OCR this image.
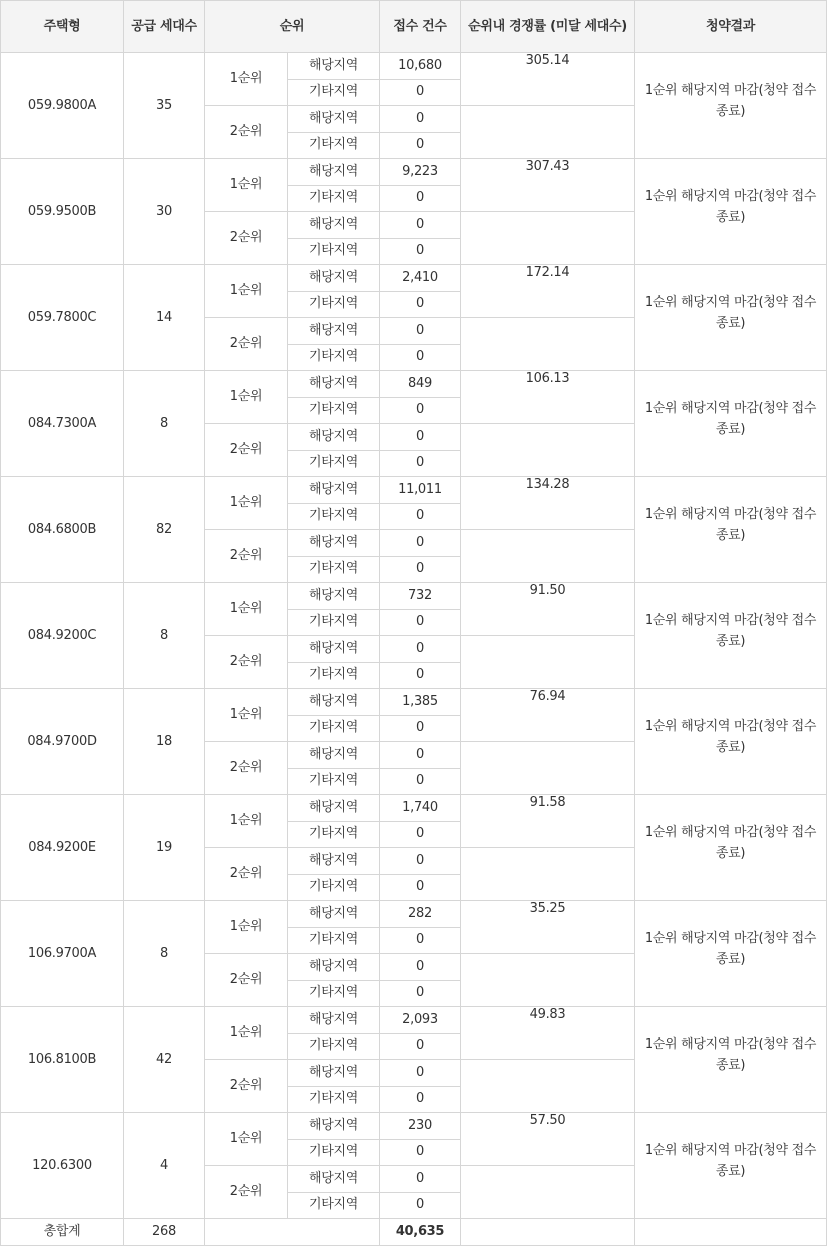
주택형	공급 세대수	순위		접수 건수	순위내 경쟁률 (미달 세대수)	청약결과
059.9800A	35	1순위	해당지역	10,680	305.14	1순위 해당지역 마감(청약 접수 종료)

			기타지역	0		
		2순위	해당지역	0		
			기타지역	0		
059.9500B	30	1순위	해당지역	9,223	307.43	1순위 해당지역 마감(청약 접수 종료)

			기타지역	0		
		2순위	해당지역	0		
			기타지역	0		
059.7800C	14	1순위	해당지역	2,410	172.14	1순위 해당지역 마감(청약 접수 종료)

			기타지역	0		
		2순위	해당지역	0		
			기타지역	0		
084.7300A	8	1순위	해당지역	849	106.13	1순위 해당지역 마감(청약 접수 종료)

			기타지역	0		
		2순위	해당지역	0		
			기타지역	0		
084.6800B	82	1순위	해당지역	11,011	134.28	1순위 해당지역 마감(청약 접수 종료)

			기타지역	0		
		2순위	해당지역	0		
			기타지역	0		
084.9200C	8	1순위	해당지역	732	91.50	1순위 해당지역 마감(청약 접수 종료)

			기타지역	0		
		2순위	해당지역	0		
			기타지역	0		
084.9700D	18	1순위	해당지역	1,385	76.94	1순위 해당지역 마감(청약 접수 종료)

			기타지역	0		
		2순위	해당지역	0		
			기타지역	0		
084.9200E	19	1순위	해당지역	1,740	91.58	1순위 해당지역 마감(청약 접수 종료)

			기타지역	0		
		2순위	해당지역	0		
			기타지역	0		
106.9700A	8	1순위	해당지역	282	35.25	1순위 해당지역 마감(청약 접수 종료)

			기타지역	0		
		2순위	해당지역	0		
			기타지역	0		
106.8100B	42	1순위	해당지역	2,093	49.83	1순위 해당지역 마감(청약 접수 종료)

			기타지역	0		
		2순위	해당지역	0		
			기타지역	0		
120.6300	4	1순위	해당지역	230	57.50	1순위 해당지역 마감(청약 접수 종료)

			기타지역	0		
		2순위	해당지역	0		
			기타지역	0		
총합계	268			40,635		
